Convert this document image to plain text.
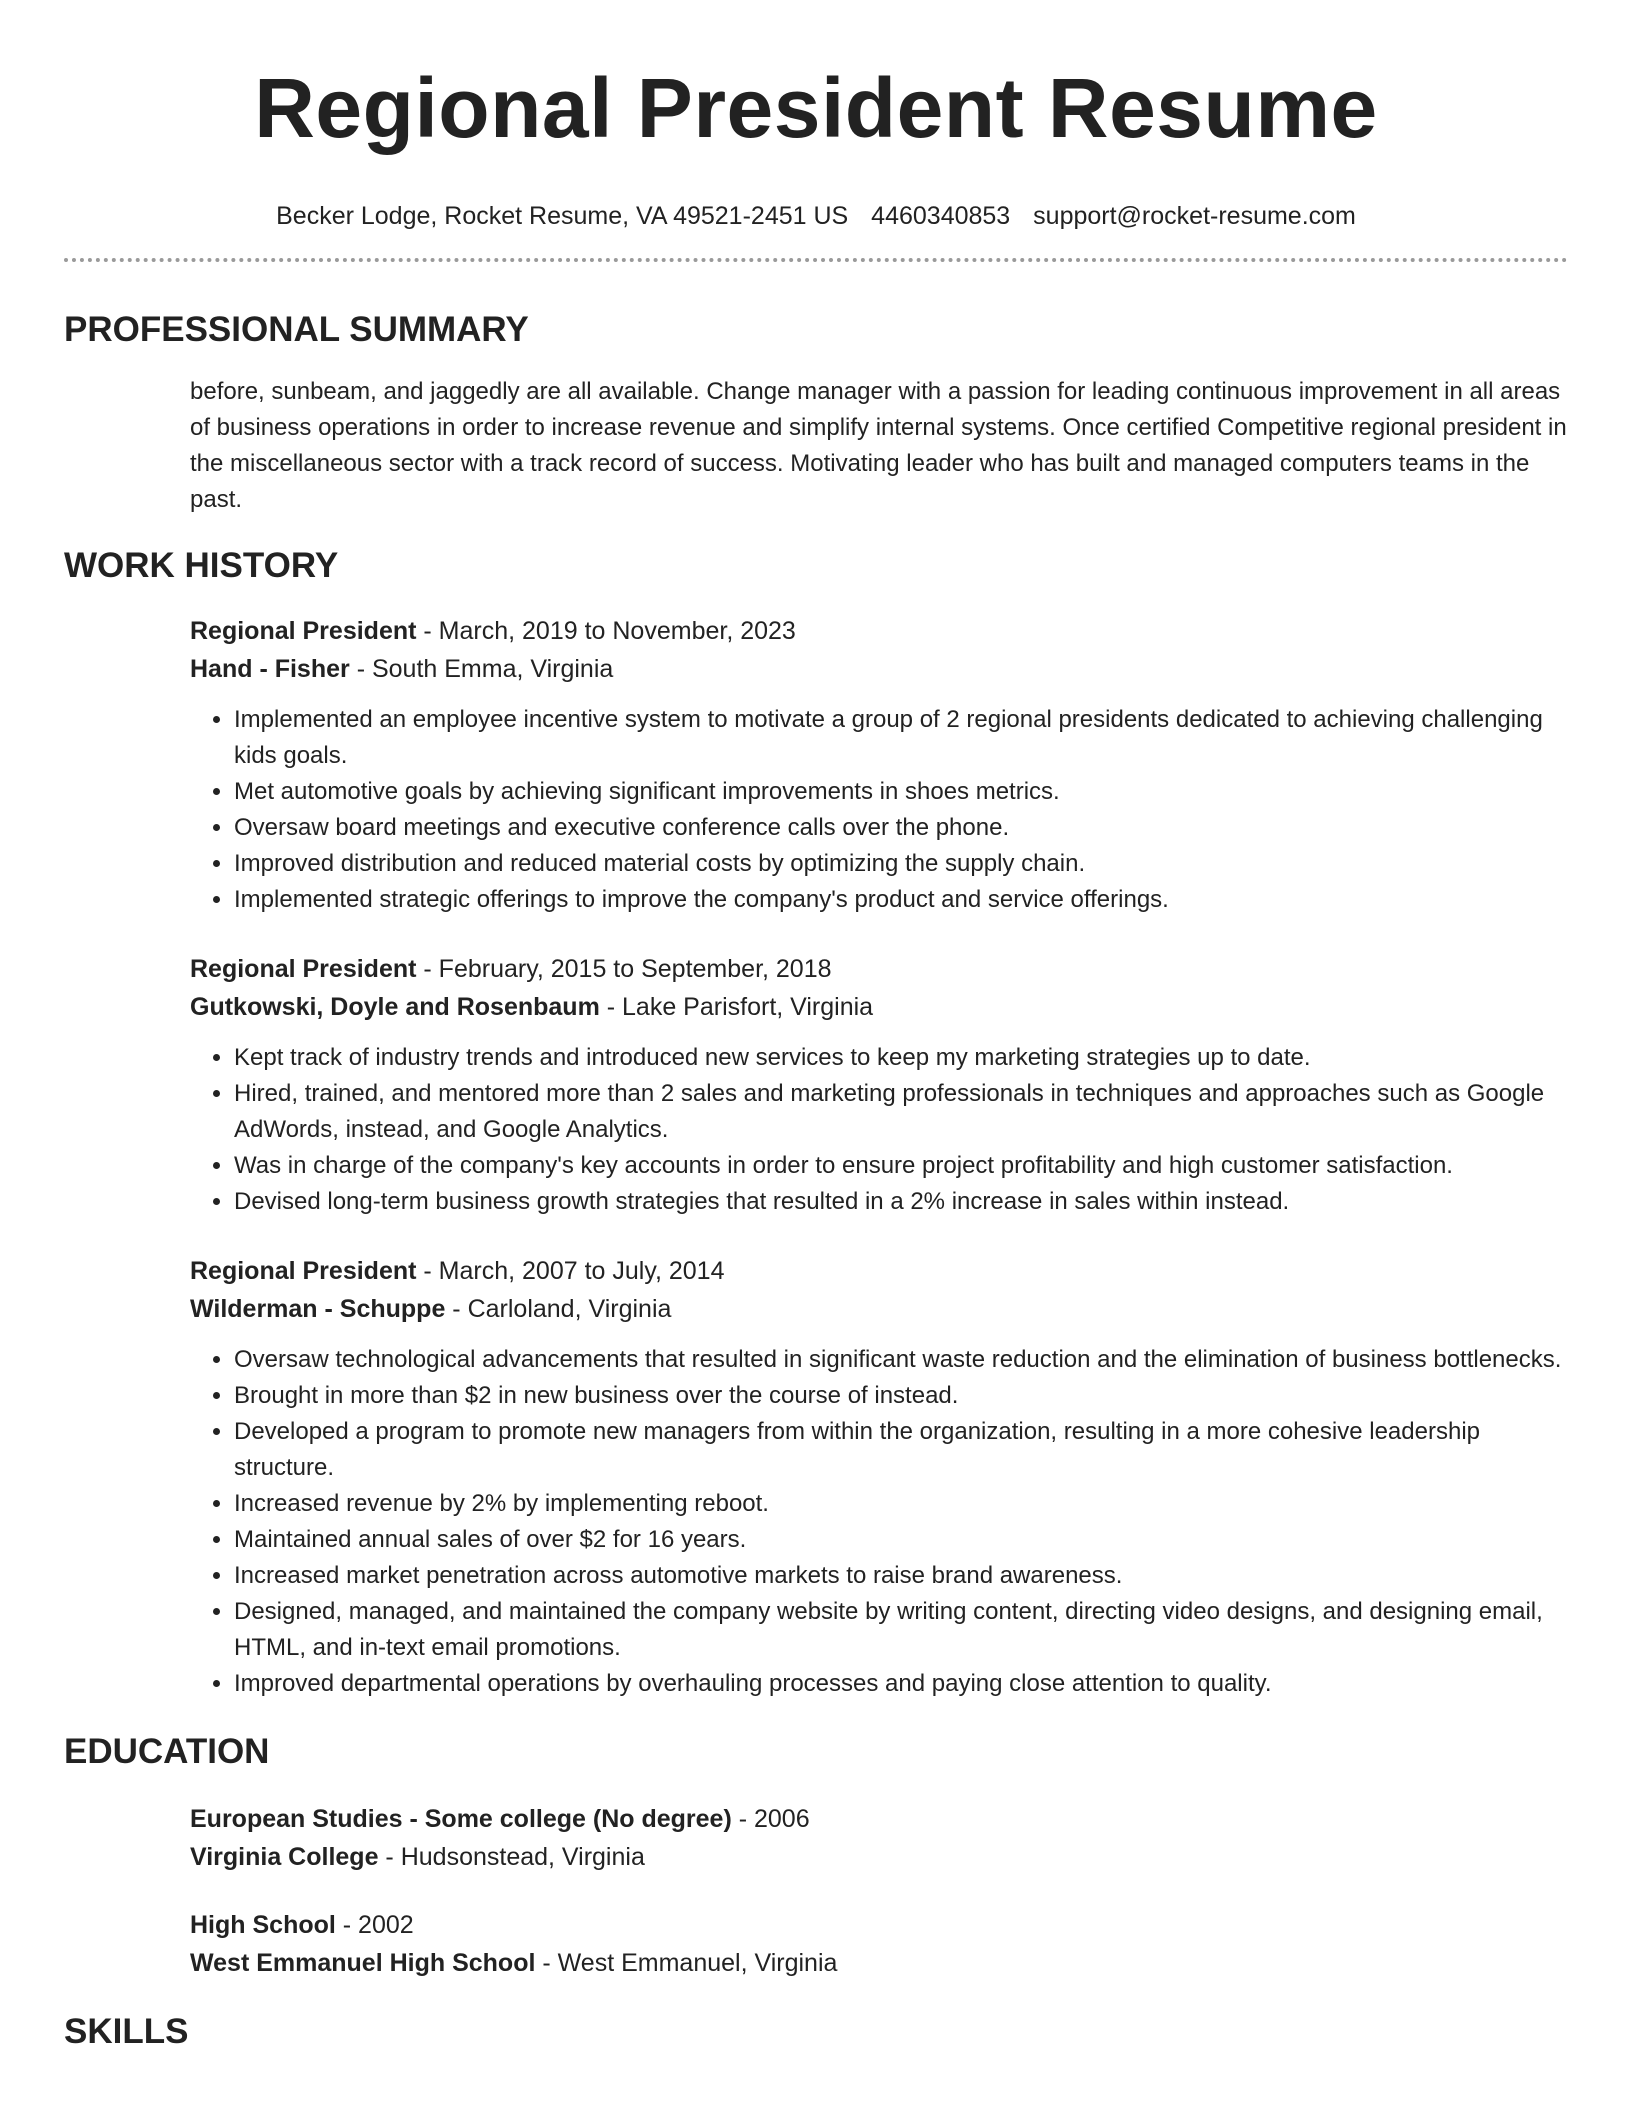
Regional President Resume
Becker Lodge, Rocket Resume, VA 49521-2451 US 4460340853 support@rocket-resume.com
PROFESSIONAL SUMMARY
before, sunbeam, and jaggedly are all available. Change manager with a passion for leading continuous improvement in all areas of business operations in order to increase revenue and simplify internal systems. Once certified Competitive regional president in the miscellaneous sector with a track record of success. Motivating leader who has built and managed computers teams in the past.
WORK HISTORY
Regional President - March, 2019 to November, 2023
Hand - Fisher - South Emma, Virginia
• Implemented an employee incentive system to motivate a group of 2 regional presidents dedicated to achieving challenging kids goals.
• Met automotive goals by achieving significant improvements in shoes metrics.
• Oversaw board meetings and executive conference calls over the phone.
• Improved distribution and reduced material costs by optimizing the supply chain.
• Implemented strategic offerings to improve the company's product and service offerings.
Regional President - February, 2015 to September, 2018
Gutkowski, Doyle and Rosenbaum - Lake Parisfort, Virginia
• Kept track of industry trends and introduced new services to keep my marketing strategies up to date.
• Hired, trained, and mentored more than 2 sales and marketing professionals in techniques and approaches such as Google AdWords, instead, and Google Analytics.
• Was in charge of the company's key accounts in order to ensure project profitability and high customer satisfaction.
• Devised long-term business growth strategies that resulted in a 2% increase in sales within instead.
Regional President - March, 2007 to July, 2014
Wilderman - Schuppe - Carloland, Virginia
• Oversaw technological advancements that resulted in significant waste reduction and the elimination of business bottlenecks.
• Brought in more than $2 in new business over the course of instead.
• Developed a program to promote new managers from within the organization, resulting in a more cohesive leadership structure.
• Increased revenue by 2% by implementing reboot.
• Maintained annual sales of over $2 for 16 years.
• Increased market penetration across automotive markets to raise brand awareness.
• Designed, managed, and maintained the company website by writing content, directing video designs, and designing email, HTML, and in-text email promotions.
• Improved departmental operations by overhauling processes and paying close attention to quality.
EDUCATION
European Studies - Some college (No degree) - 2006
Virginia College - Hudsonstead, Virginia
High School - 2002
West Emmanuel High School - West Emmanuel, Virginia
SKILLS
